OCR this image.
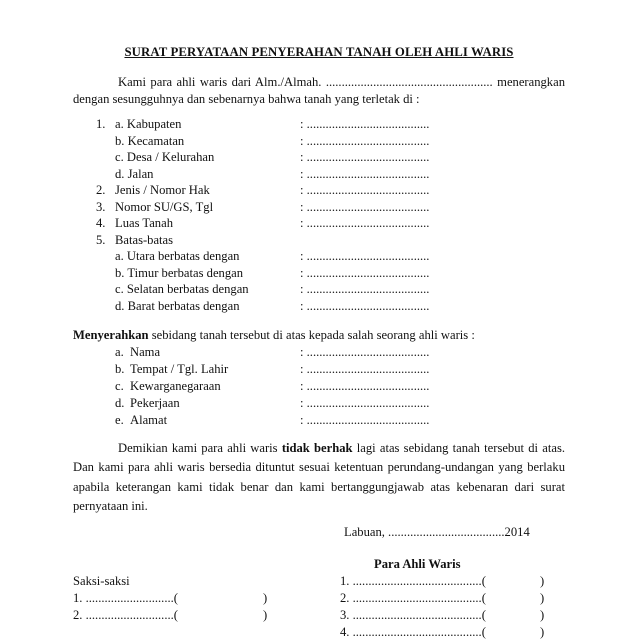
SURAT PERYATAAN PENYERAHAN TANAH OLEH AHLI WARIS
Kami para ahli waris dari Alm./Almah. ..................................................... menerangkan dengan sesungguhnya dan sebenarnya bahwa tanah yang terletak di :
1. a. Kabupaten	: .......................................
b. Kecamatan	: .......................................
c. Desa / Kelurahan	: .......................................
d. Jalan	: .......................................
2. Jenis / Nomor Hak	: .......................................
3. Nomor SU/GS, Tgl	: .......................................
4. Luas Tanah	: .......................................
5. Batas-batas
a. Utara berbatas dengan	: .......................................
b. Timur berbatas dengan	: .......................................
c. Selatan berbatas dengan	: .......................................
d. Barat berbatas dengan	: .......................................
Menyerahkan sebidang tanah tersebut di atas kepada salah seorang ahli waris :
a. Nama	: .......................................
b. Tempat / Tgl. Lahir	: .......................................
c. Kewarganegaraan	: .......................................
d. Pekerjaan	: .......................................
e. Alamat	: .......................................
Demikian kami para ahli waris tidak berhak lagi atas sebidang tanah tersebut di atas. Dan kami para ahli waris bersedia dituntut sesuai ketentuan perundang-undangan yang berlaku apabila keterangan kami tidak benar dan kami bertanggungjawab atas kebenaran dari surat pernyataan ini.
Labuan, .....................................2014
Para Ahli Waris
Saksi-saksi
1. ............................(	)
2. ............................(	)
1. .........................................(	)
2. .........................................(	)
3. .........................................(	)
4. .........................................(	)
